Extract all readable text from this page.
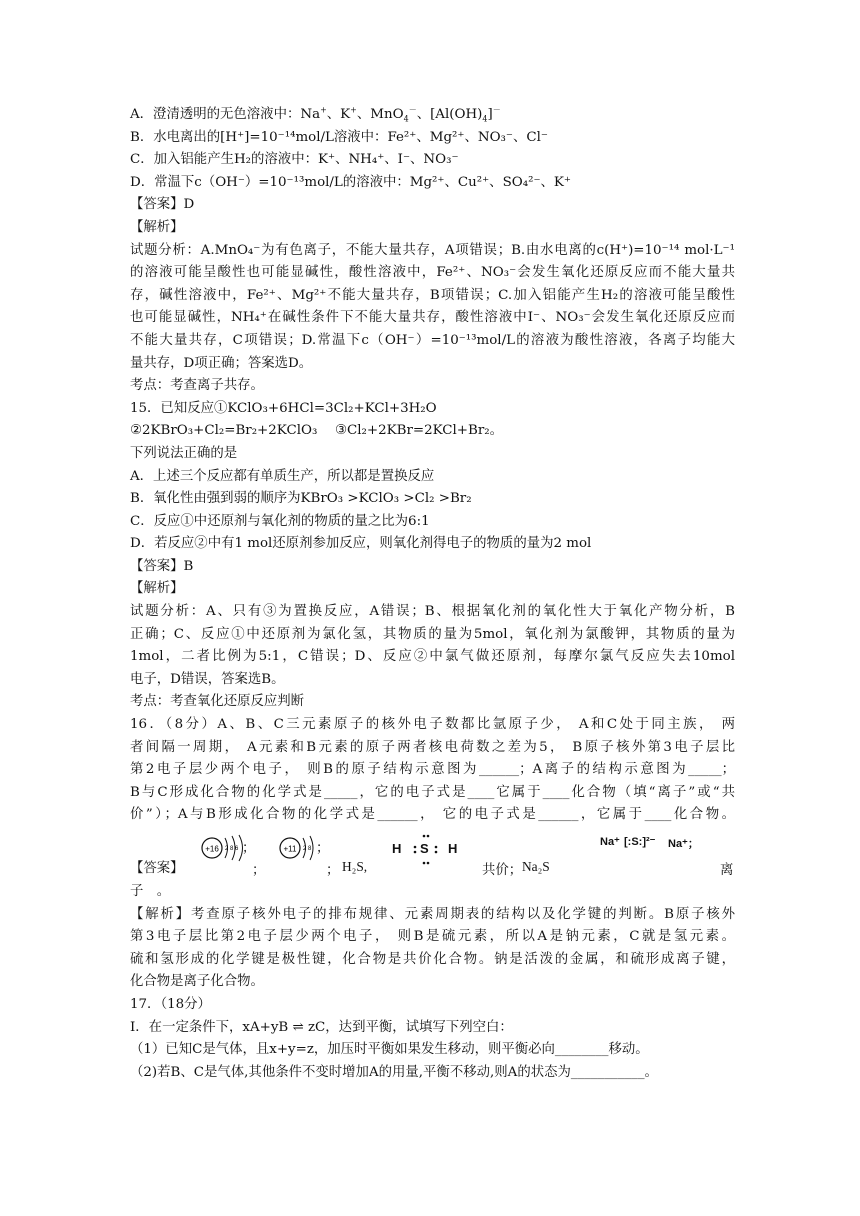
A．澄清透明的无色溶液中：Na+、K+、MnO$_4$－、$[Al(OH)_4]^-$
B．水电离出的[H⁺]=10⁻¹⁴mol/L溶液中：Fe²⁺、Mg²⁺、NO₃⁻、Cl⁻
C．加入铝能产生H₂的溶液中：K⁺、NH₄⁺、I⁻、NO₃⁻
D．常温下c（OH⁻）=10⁻¹³mol/L的溶液中：Mg²⁺、Cu²⁺、SO₄²⁻、K⁺
【答案】D
【解析】
试题分析：A.MnO₄⁻为有色离子，不能大量共存，A项错误；B.由水电离的c(H⁺)=10⁻¹⁴ mol·L⁻¹
的溶液可能呈酸性也可能显碱性，酸性溶液中，Fe²⁺、NO₃⁻会发生氧化还原反应而不能大量共
存，碱性溶液中，Fe²⁺、Mg²⁺不能大量共存，B项错误；C.加入铝能产生H₂的溶液可能呈酸性
也可能显碱性，NH₄⁺在碱性条件下不能大量共存，酸性溶液中I⁻、NO₃⁻会发生氧化还原反应而
不能大量共存，C项错误；D.常温下c（OH⁻）=10⁻¹³mol/L的溶液为酸性溶液，各离子均能大
量共存，D项正确；答案选D。
考点：考查离子共存。
15．已知反应①KClO₃+6HCl=3Cl₂+KCl+3H₂O
②2KBrO₃+Cl₂=Br₂+2KClO₃　 ③Cl₂+2KBr=2KCl+Br₂。
下列说法正确的是
A．上述三个反应都有单质生产，所以都是置换反应
B．氧化性由强到弱的顺序为KBrO₃ >KClO₃ >Cl₂ >Br₂
C．反应①中还原剂与氧化剂的物质的量之比为6:1
D．若反应②中有1 mol还原剂参加反应，则氧化剂得电子的物质的量为2 mol
【答案】B
【解析】
试题分析：A、只有③为置换反应，A错误；B、根据氧化剂的氧化性大于氧化产物分析，B
正确；C、反应①中还原剂为氯化氢，其物质的量为5mol，氧化剂为氯酸钾，其物质的量为
1mol，二者比例为5:1，C错误；D、反应②中氯气做还原剂，每摩尔氯气反应失去10mol
电子，D错误，答案选B。
考点：考查氧化还原反应判断
16．（8分）A、B、C三元素原子的核外电子数都比氩原子少， A和C处于同主族， 两
者间隔一周期， A元素和B元素的原子两者核电荷数之差为5， B原子核外第3电子层比
第2电子层少两个电子， 则B的原子结构示意图为______；A离子的结构示意图为_____；
B与C形成化合物的化学式是_____，它的电子式是____它属于____化合物（填“离子”或“共
价”）；A与B形成化合物的化学式是______， 它的电子式是______，它属于____化合物。
【答案】
+16 2 8 6 ；
；
+11 2 8 ；
； H₂S,
H S H
共价； Na₂S
Na⁺ [:S:]²⁻ Na⁺；
离
子　。
【解析】考查原子核外电子的排布规律、元素周期表的结构以及化学键的判断。B原子核外
第3电子层比第2电子层少两个电子， 则B是硫元素，所以A是钠元素，C就是氢元素。
硫和氢形成的化学键是极性键，化合物是共价化合物。钠是活泼的金属，和硫形成离子键，
化合物是离子化合物。
17．（18分）
Ⅰ．在一定条件下，xA+yB ⇌ zC，达到平衡，试填写下列空白：
（1）已知C是气体，且x+y=z，加压时平衡如果发生移动，则平衡必向________移动。
（2)若B、C是气体,其他条件不变时增加A的用量,平衡不移动,则A的状态为___________。
